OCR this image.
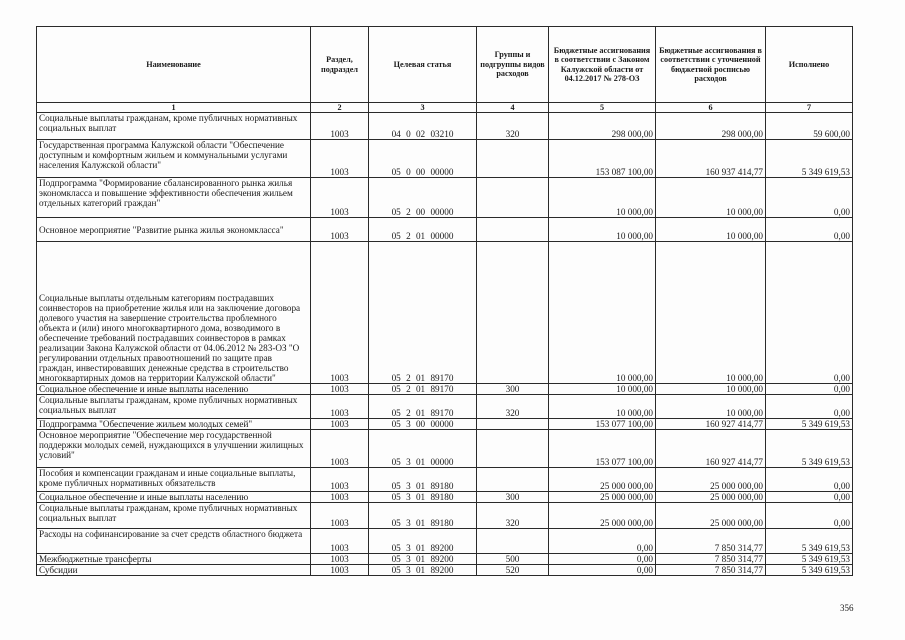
Наименование	Раздел, подраздел	Целевая статья	Группы и подгруппы видов расходов	Бюджетные ассигнования в соответствии с Законом Калужской области от 04.12.2017 № 278-ОЗ	Бюджетные ассигнования в соответствии с уточненной бюджетной росписью расходов	Исполнено
1	2	3	4	5	6	7
Социальные выплаты гражданам, кроме публичных нормативных социальных выплат	1003	04 0 02 03210	320	298 000,00	298 000,00	59 600,00
Государственная программа Калужской области "Обеспечение доступным и комфортным жильем и коммунальными услугами населения Калужской области"	1003	05 0 00 00000		153 087 100,00	160 937 414,77	5 349 619,53
Подпрограмма "Формирование сбалансированного рынка жилья экономкласса и повышение эффективности обеспечения жильем отдельных категорий граждан"	1003	05 2 00 00000		10 000,00	10 000,00	0,00
Основное мероприятие "Развитие рынка жилья экономкласса"	1003	05 2 01 00000		10 000,00	10 000,00	0,00
Социальные выплаты отдельным категориям пострадавших соинвесторов на приобретение жилья или на заключение договора долевого участия на завершение строительства проблемного объекта и (или) иного многоквартирного дома, возводимого в обеспечение требований пострадавших соинвесторов в рамках реализации Закона Калужской области от 04.06.2012 № 283-ОЗ "О регулировании отдельных правоотношений по защите прав граждан, инвестировавших денежные средства в строительство многоквартирных домов на территории Калужской области"	1003	05 2 01 89170		10 000,00	10 000,00	0,00
Социальное обеспечение и иные выплаты населению	1003	05 2 01 89170	300	10 000,00	10 000,00	0,00
Социальные выплаты гражданам, кроме публичных нормативных социальных выплат	1003	05 2 01 89170	320	10 000,00	10 000,00	0,00
Подпрограмма "Обеспечение жильем молодых семей"	1003	05 3 00 00000		153 077 100,00	160 927 414,77	5 349 619,53
Основное мероприятие "Обеспечение мер государственной поддержки молодых семей, нуждающихся в улучшении жилищных условий"	1003	05 3 01 00000		153 077 100,00	160 927 414,77	5 349 619,53
Пособия и компенсации гражданам и иные социальные выплаты, кроме публичных нормативных обязательств	1003	05 3 01 89180		25 000 000,00	25 000 000,00	0,00
Социальное обеспечение и иные выплаты населению	1003	05 3 01 89180	300	25 000 000,00	25 000 000,00	0,00
Социальные выплаты гражданам, кроме публичных нормативных социальных выплат	1003	05 3 01 89180	320	25 000 000,00	25 000 000,00	0,00
Расходы на софинансирование за счет средств областного бюджета	1003	05 3 01 89200		0,00	7 850 314,77	5 349 619,53
Межбюджетные трансферты	1003	05 3 01 89200	500	0,00	7 850 314,77	5 349 619,53
Субсидии	1003	05 3 01 89200	520	0,00	7 850 314,77	5 349 619,53
356
